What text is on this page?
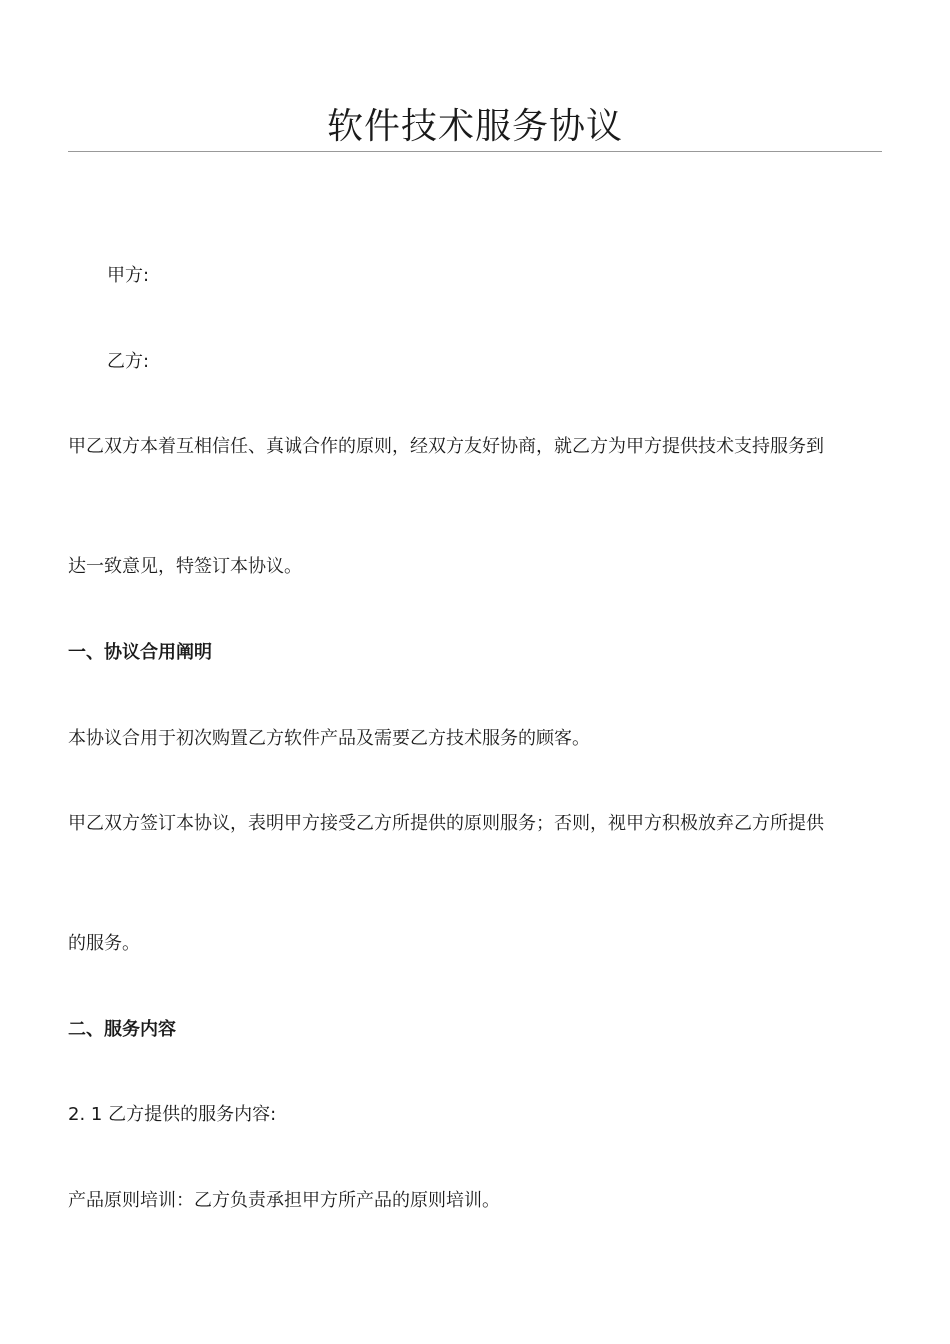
软件技术服务协议
甲方:
乙方:
甲乙双方本着互相信任、真诚合作的原则，经双方友好协商，就乙方为甲方提供技术支持服务到
达一致意见，特签订本协议。
一、协议合用阐明
本协议合用于初次购置乙方软件产品及需要乙方技术服务的顾客。
甲乙双方签订本协议，表明甲方接受乙方所提供的原则服务；否则，视甲方积极放弃乙方所提供
的服务。
二、服务内容
2. 1 乙方提供的服务内容:
产品原则培训：乙方负责承担甲方所产品的原则培训。
